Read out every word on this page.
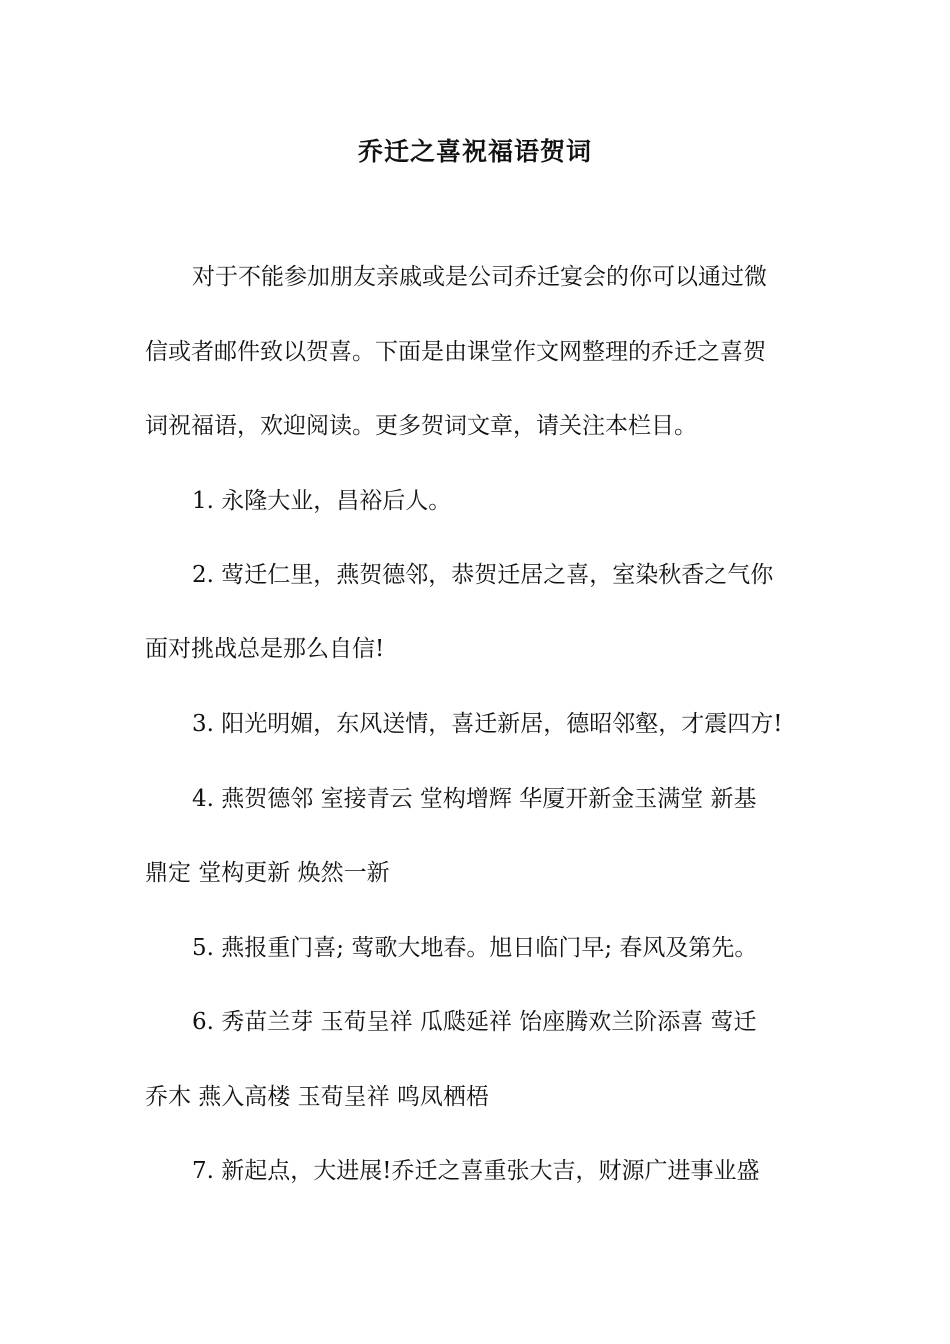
乔迁之喜祝福语贺词
对于不能参加朋友亲戚或是公司乔迁宴会的你可以通过微
信或者邮件致以贺喜。下面是由课堂作文网整理的乔迁之喜贺
词祝福语，欢迎阅读。更多贺词文章，请关注本栏目。
1. 永隆大业，昌裕后人。
2. 莺迁仁里，燕贺德邻，恭贺迁居之喜，室染秋香之气你
面对挑战总是那么自信!
3. 阳光明媚，东风送情，喜迁新居，德昭邻壑，才震四方!
4. 燕贺德邻 室接青云 堂构增辉 华厦开新金玉满堂 新基
鼎定 堂构更新 焕然一新
5. 燕报重门喜; 莺歌大地春。旭日临门早; 春风及第先。
6. 秀苗兰芽 玉荀呈祥 瓜瓞延祥 饴座腾欢兰阶添喜 莺迁
乔木 燕入高楼 玉荀呈祥 鸣凤栖梧
7. 新起点，大进展!乔迁之喜重张大吉，财源广进事业盛
